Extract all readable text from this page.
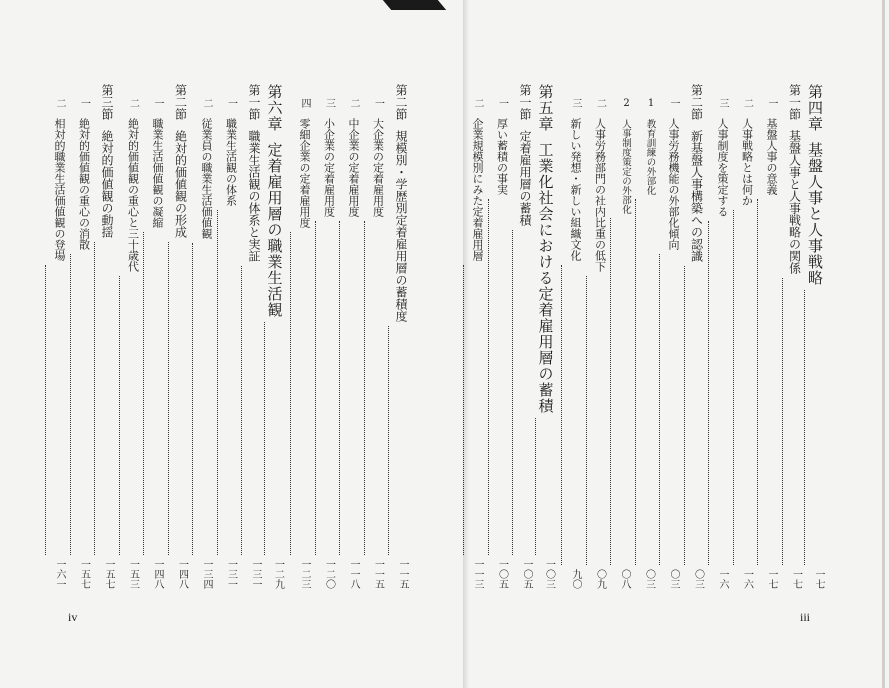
第四章
基盤人事と人事戦略
一七
第一節
基盤人事と人事戦略の関係
一七
一
基盤人事の意義
一七
二
人事戦略とは何か
一六
三
人事制度を策定する
一六
第二節
新基盤人事構築への認識
〇三
一
人事労務機能の外部化傾向
〇三
1
教育訓練の外部化
〇三
2
人事制度策定の外部化
〇八
二
人事労務部門の社内比重の低下
〇九
三
新しい発想・新しい組織文化
九〇
第五章
工業化社会における定着雇用層の蓄積
一〇三
第一節
定着雇用層の蓄積
一〇五
一
厚い蓄積の事実
一〇五
二
企業規模別にみた定着雇用層
一一三
第二節
規模別・学歴別定着雇用層の蓄積度
一一五
一
大企業の定着雇用度
一一五
二
中企業の定着雇用度
一一八
三
小企業の定着雇用度
一二〇
四
零細企業の定着雇用度
一二三
第六章
定着雇用層の職業生活観
一二九
第一節
職業生活観の体系と実証
一三一
一
職業生活観の体系
一三一
二
従業員の職業生活価値観
一三四
第二節
絶対的価値観の形成
一四八
一
職業生活価値観の凝縮
一四八
二
絶対的価値観の重心と三十歳代
一五三
第三節
絶対的価値観の動揺
一五七
一
絶対的価値観の重心の消散
一五七
二
相対的職業生活価値観の登場
一六一
iii
iv
